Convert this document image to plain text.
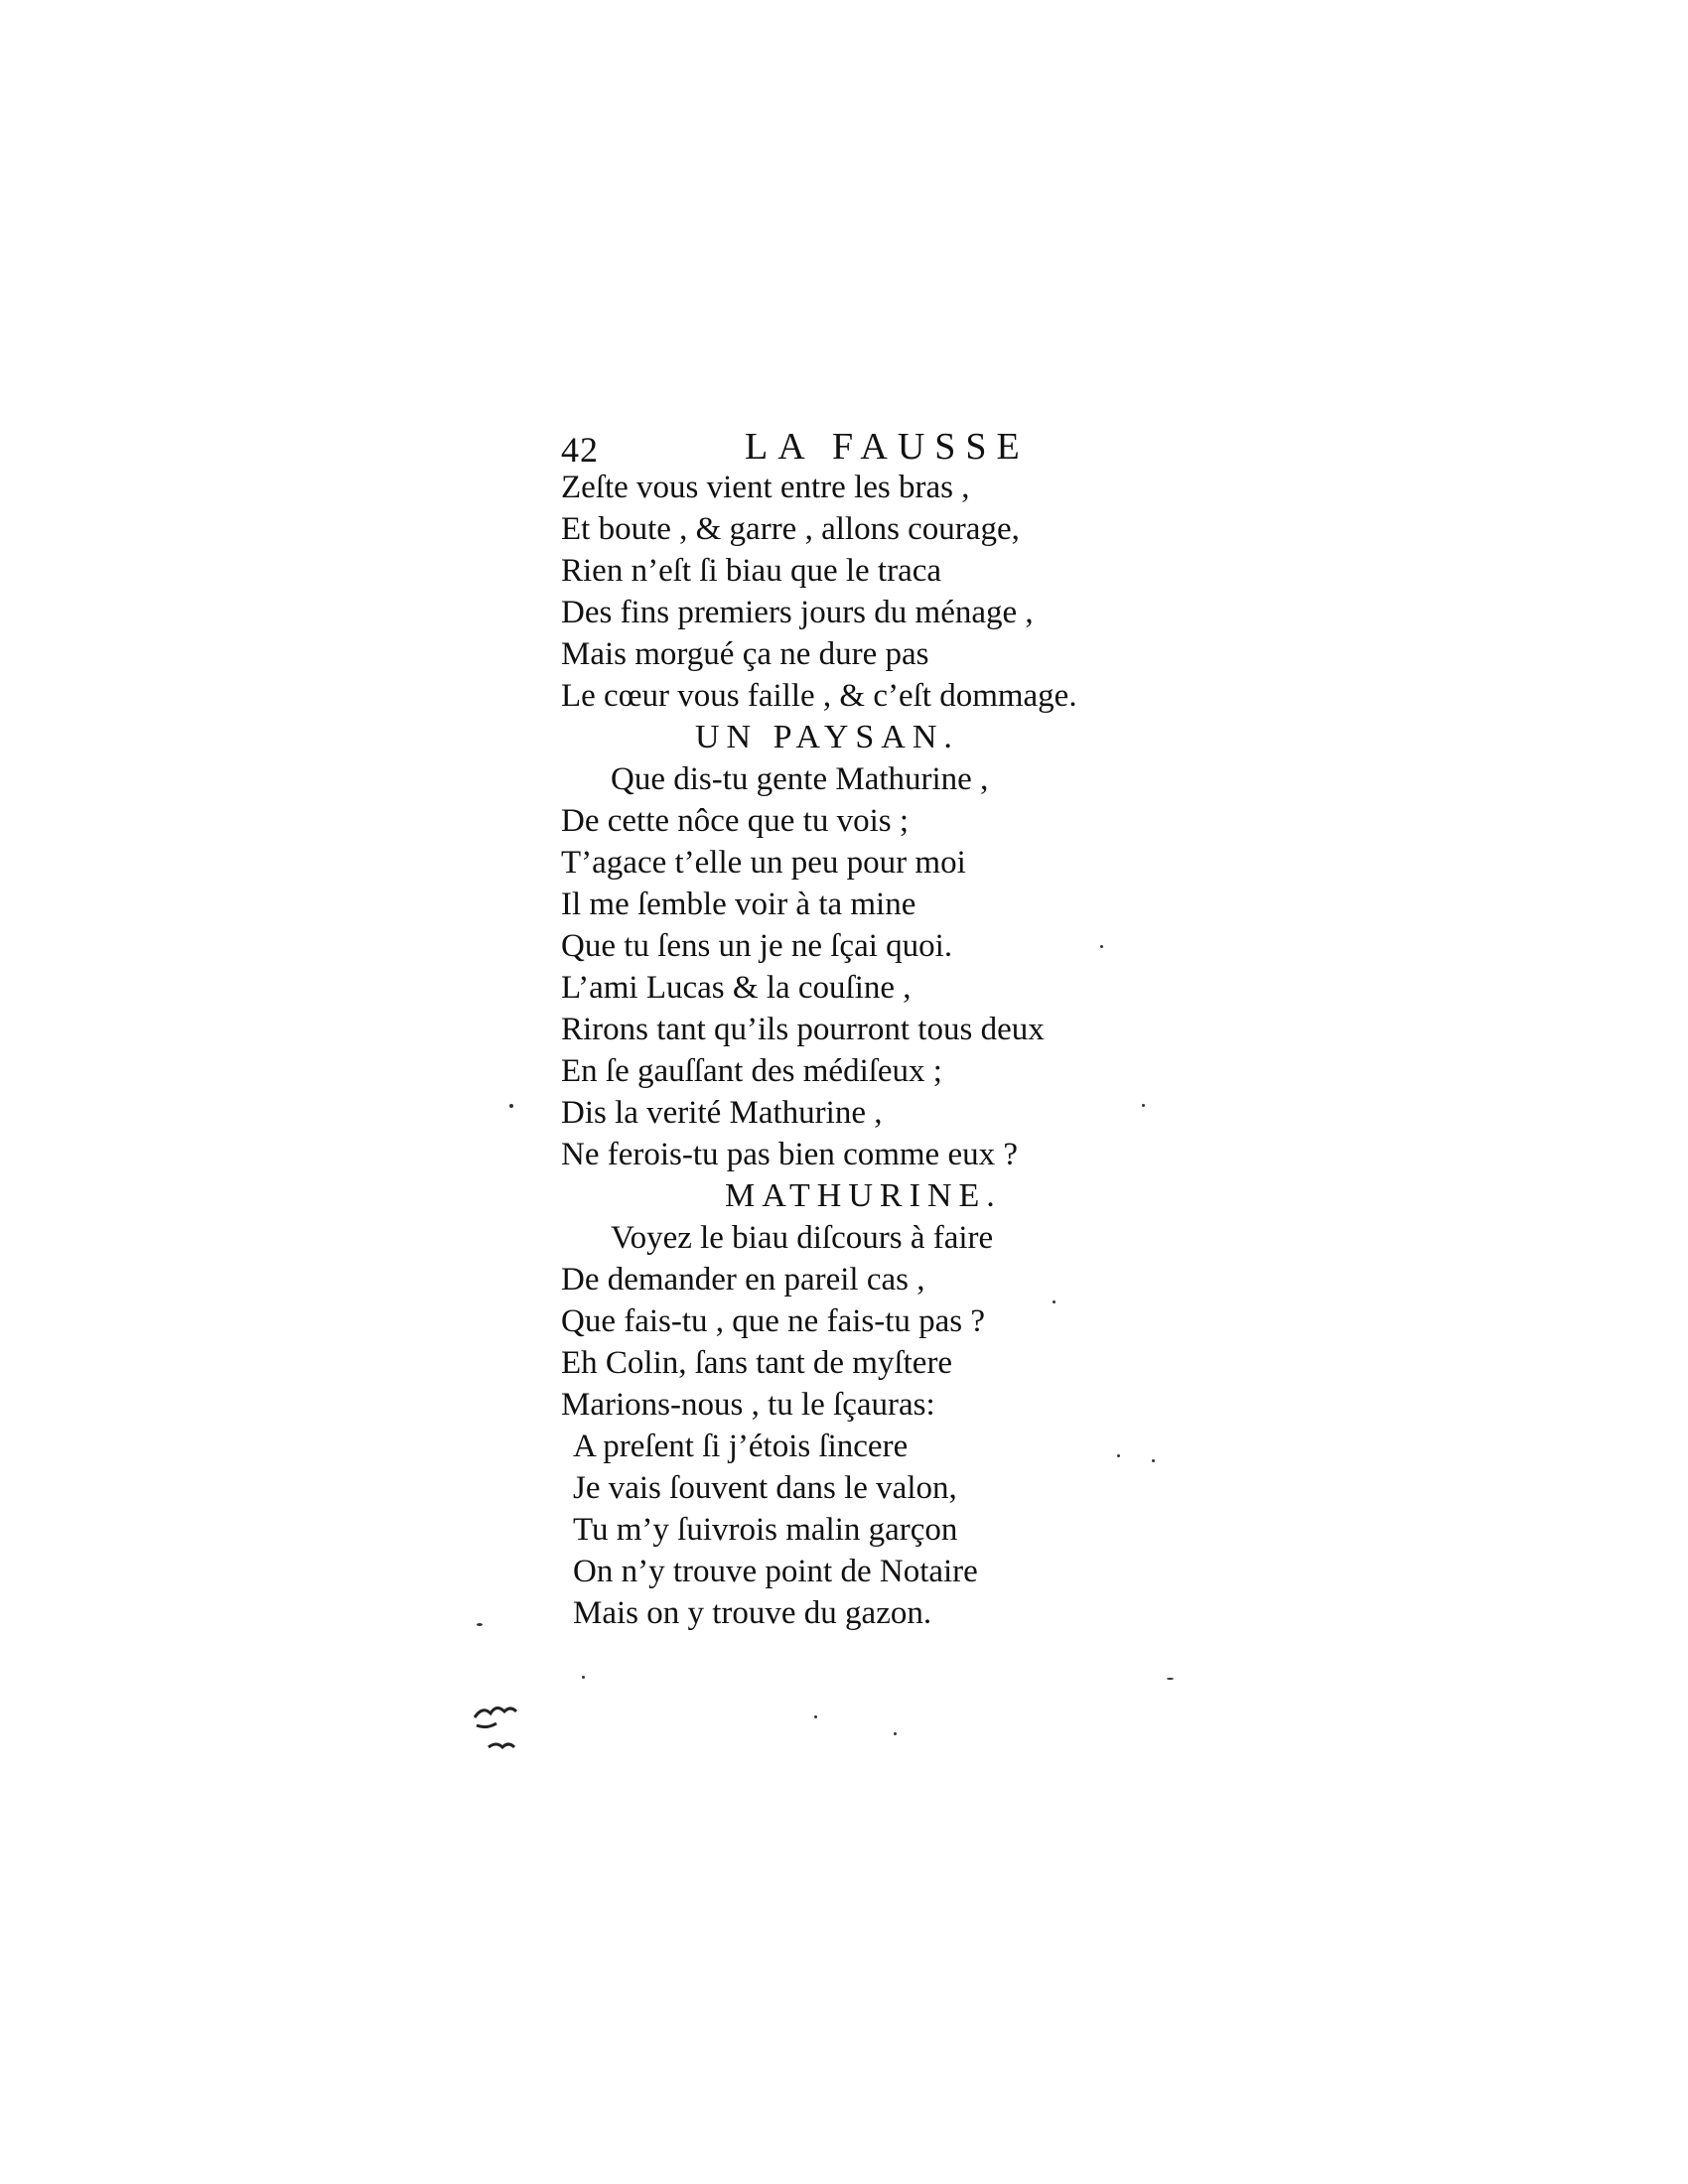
42	LA FAUSSE
Zeſte vous vient entre les bras ,
Et boute , & garre , allons courage,
Rien n’eſt ſi biau que le traca
Des fins premiers jours du ménage ,
Mais morgué ça ne dure pas
Le cœur vous faille , & c’eſt dommage.
UN PAYSAN.
Que dis-tu gente Mathurine ,
De cette nôce que tu vois ;
T’agace t’elle un peu pour moi
Il me ſemble voir à ta mine
Que tu ſens un je ne ſçai quoi.
L’ami Lucas & la couſine ,
Rirons tant qu’ils pourront tous deux
En ſe gauſſant des médiſeux ;
Dis la verité Mathurine ,
Ne ferois-tu pas bien comme eux ?
MATHURINE.
Voyez le biau diſcours à faire
De demander en pareil cas ,
Que fais-tu , que ne fais-tu pas ?
Eh Colin, ſans tant de myſtere
Marions-nous , tu le ſçauras:
A preſent ſi j’étois ſincere
Je vais ſouvent dans le valon,
Tu m’y ſuivrois malin garçon
On n’y trouve point de Notaire
Mais on y trouve du gazon.
